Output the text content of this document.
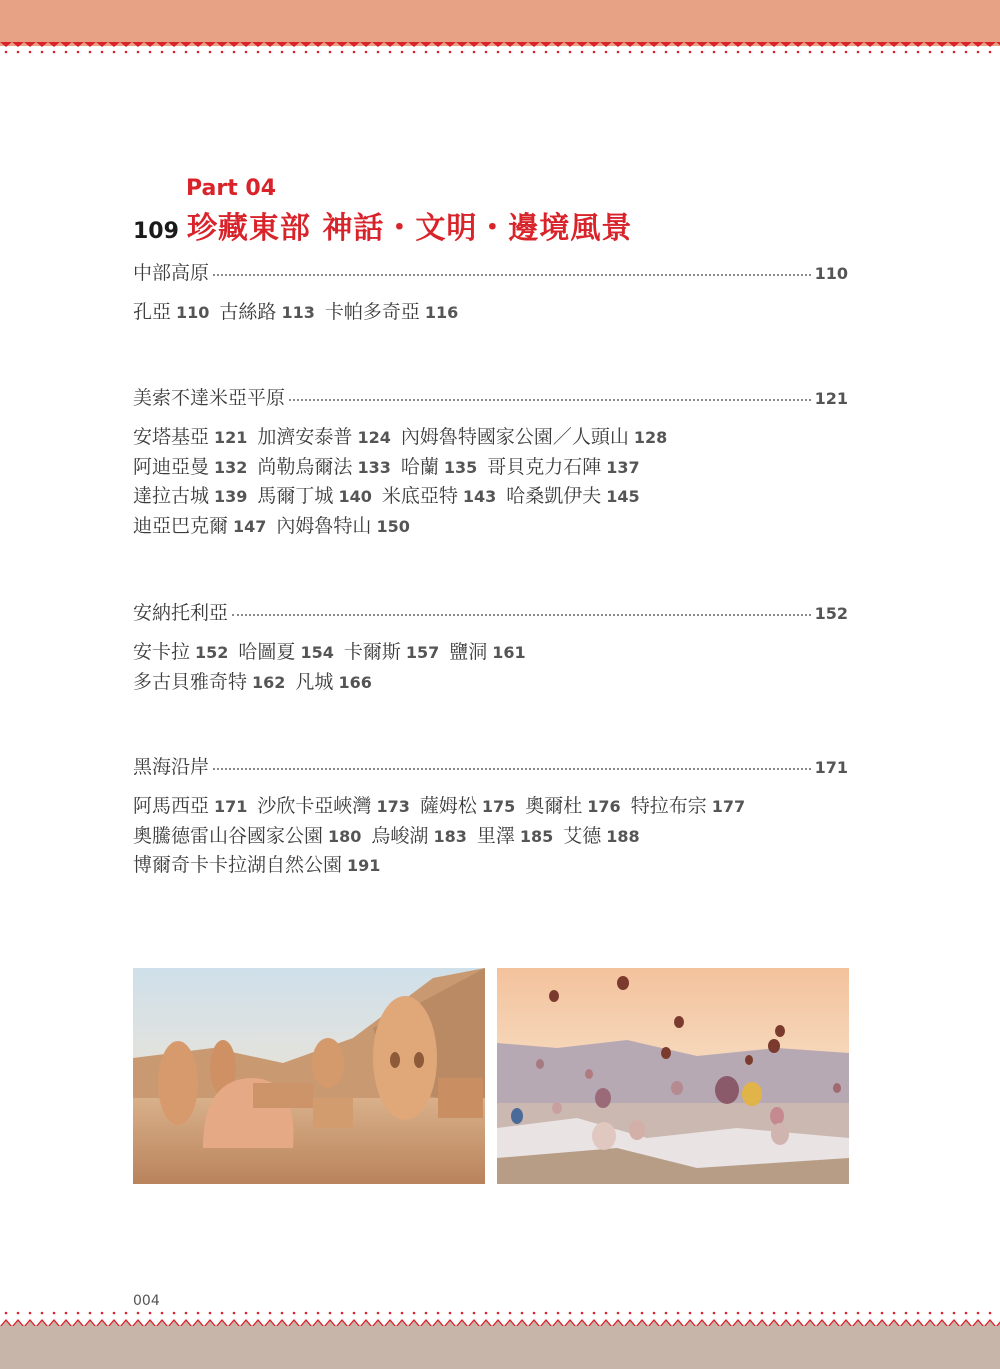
Part 04
109 珍藏東部 神話・文明・邊境風景
中部高原	110
孔亞 110 古絲路 113 卡帕多奇亞 116
美索不達米亞平原	121
安塔基亞 121 加濟安泰普 124 內姆魯特國家公園／人頭山 128
阿迪亞曼 132 尚勒烏爾法 133 哈蘭 135 哥貝克力石陣 137
達拉古城 139 馬爾丁城 140 米底亞特 143 哈桑凱伊夫 145
迪亞巴克爾 147 內姆魯特山 150
安納托利亞	152
安卡拉 152 哈圖夏 154 卡爾斯 157 鹽洞 161
多古貝雅奇特 162 凡城 166
黑海沿岸	171
阿馬西亞 171 沙欣卡亞峽灣 173 薩姆松 175 奧爾杜 176 特拉布宗 177
奧騰德雷山谷國家公園 180 烏峻湖 183 里澤 185 艾德 188
博爾奇卡卡拉湖自然公園 191
004
